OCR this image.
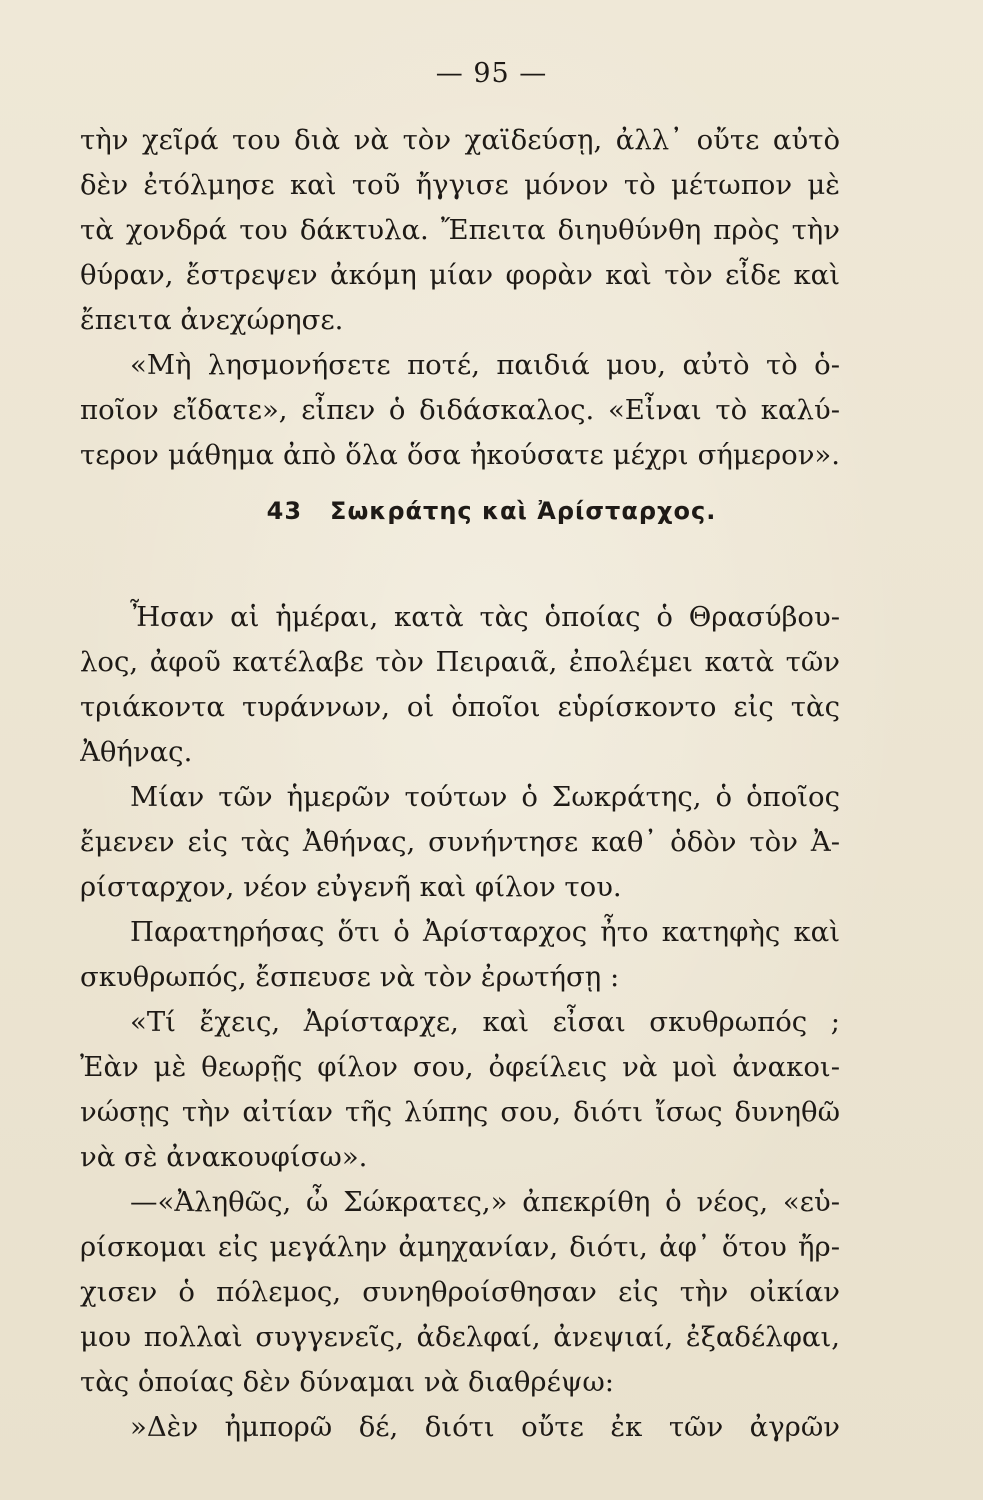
— 95 —
τὴν χεῖρά του διὰ νὰ τὸν χαϊδεύσῃ, ἀλλ᾿ οὔτε αὐτὸ
δὲν ἐτόλμησε καὶ τοῦ ἤγγισε μόνον τὸ μέτωπον μὲ
τὰ χονδρά του δάκτυλα. Ἔπειτα διηυθύνθη πρὸς τὴν
θύραν, ἔστρεψεν ἀκόμη μίαν φορὰν καὶ τὸν εἶδε καὶ
ἔπειτα ἀνεχώρησε.
«Μὴ λησμονήσετε ποτέ, παιδιά μου, αὐτὸ τὸ ὁ-
ποῖον εἴδατε», εἶπεν ὁ διδάσκαλος. «Εἶναι τὸ καλύ-
τερον μάθημα ἀπὸ ὅλα ὅσα ἠκούσατε μέχρι σήμερον».
43 Σωκράτης καὶ Ἀρίσταρχος.
Ἦσαν αἱ ἡμέραι, κατὰ τὰς ὁποίας ὁ Θρασύβου-
λος, ἀφοῦ κατέλαβε τὸν Πειραιᾶ, ἐπολέμει κατὰ τῶν
τριάκοντα τυράννων, οἱ ὁποῖοι εὑρίσκοντο εἰς τὰς
Ἀθήνας.
Μίαν τῶν ἡμερῶν τούτων ὁ Σωκράτης, ὁ ὁποῖος
ἔμενεν εἰς τὰς Ἀθήνας, συνήντησε καθ᾿ ὁδὸν τὸν Ἀ-
ρίσταρχον, νέον εὐγενῆ καὶ φίλον του.
Παρατηρήσας ὅτι ὁ Ἀρίσταρχος ἦτο κατηφὴς καὶ
σκυθρωπός, ἔσπευσε νὰ τὸν ἐρωτήσῃ :
«Τί ἔχεις, Ἀρίσταρχε, καὶ εἶσαι σκυθρωπός ;
Ἐὰν μὲ θεωρῇς φίλον σου, ὀφείλεις νὰ μοὶ ἀνακοι-
νώσῃς τὴν αἰτίαν τῆς λύπης σου, διότι ἴσως δυνηθῶ
νὰ σὲ ἀνακουφίσω».
—«Ἀληθῶς, ὦ Σώκρατες,» ἀπεκρίθη ὁ νέος, «εὑ-
ρίσκομαι εἰς μεγάλην ἀμηχανίαν, διότι, ἀφ᾿ ὅτου ἤρ-
χισεν ὁ πόλεμος, συνηθροίσθησαν εἰς τὴν οἰκίαν
μου πολλαὶ συγγενεῖς, ἀδελφαί, ἀνεψιαί, ἐξαδέλφαι,
τὰς ὁποίας δὲν δύναμαι νὰ διαθρέψω:
»Δὲν ἠμπορῶ δέ, διότι οὔτε ἐκ τῶν ἀγρῶν
